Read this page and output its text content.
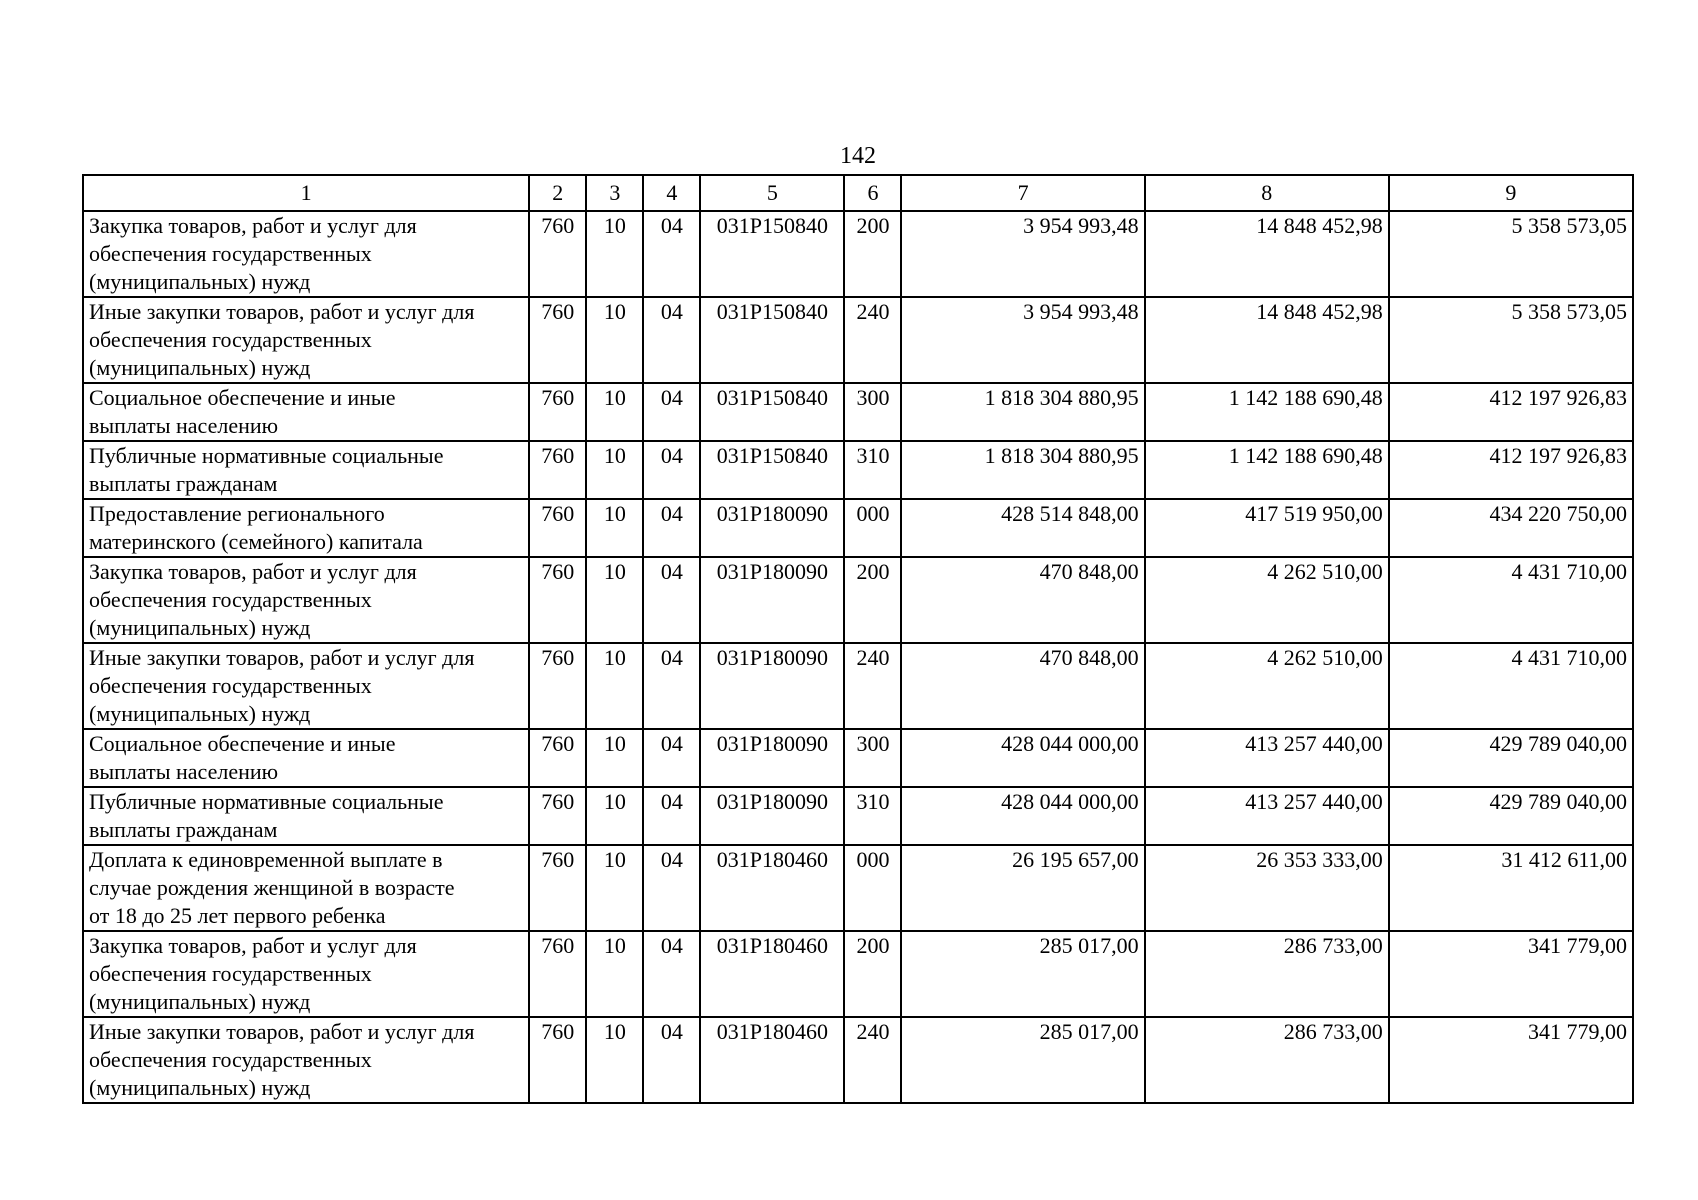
142
1	2	3	4	5	6	7	8	9

Закупка товаров, работ и услуг для
обеспечения государственных
(муниципальных) нужд	760	10	04	031P150840	200	3 954 993,48	14 848 452,98	5 358 573,05

Иные закупки товаров, работ и услуг для
обеспечения государственных
(муниципальных) нужд	760	10	04	031P150840	240	3 954 993,48	14 848 452,98	5 358 573,05

Социальное обеспечение и иные
выплаты населению	760	10	04	031P150840	300	1 818 304 880,95	1 142 188 690,48	412 197 926,83

Публичные нормативные социальные
выплаты гражданам	760	10	04	031P150840	310	1 818 304 880,95	1 142 188 690,48	412 197 926,83

Предоставление регионального
материнского (семейного) капитала	760	10	04	031P180090	000	428 514 848,00	417 519 950,00	434 220 750,00

Закупка товаров, работ и услуг для
обеспечения государственных
(муниципальных) нужд	760	10	04	031P180090	200	470 848,00	4 262 510,00	4 431 710,00

Иные закупки товаров, работ и услуг для
обеспечения государственных
(муниципальных) нужд	760	10	04	031P180090	240	470 848,00	4 262 510,00	4 431 710,00

Социальное обеспечение и иные
выплаты населению	760	10	04	031P180090	300	428 044 000,00	413 257 440,00	429 789 040,00

Публичные нормативные социальные
выплаты гражданам	760	10	04	031P180090	310	428 044 000,00	413 257 440,00	429 789 040,00

Доплата к единовременной выплате в
случае рождения женщиной в возрасте
от 18 до 25 лет первого ребенка	760	10	04	031P180460	000	26 195 657,00	26 353 333,00	31 412 611,00

Закупка товаров, работ и услуг для
обеспечения государственных
(муниципальных) нужд	760	10	04	031P180460	200	285 017,00	286 733,00	341 779,00

Иные закупки товаров, работ и услуг для
обеспечения государственных
(муниципальных) нужд	760	10	04	031P180460	240	285 017,00	286 733,00	341 779,00
